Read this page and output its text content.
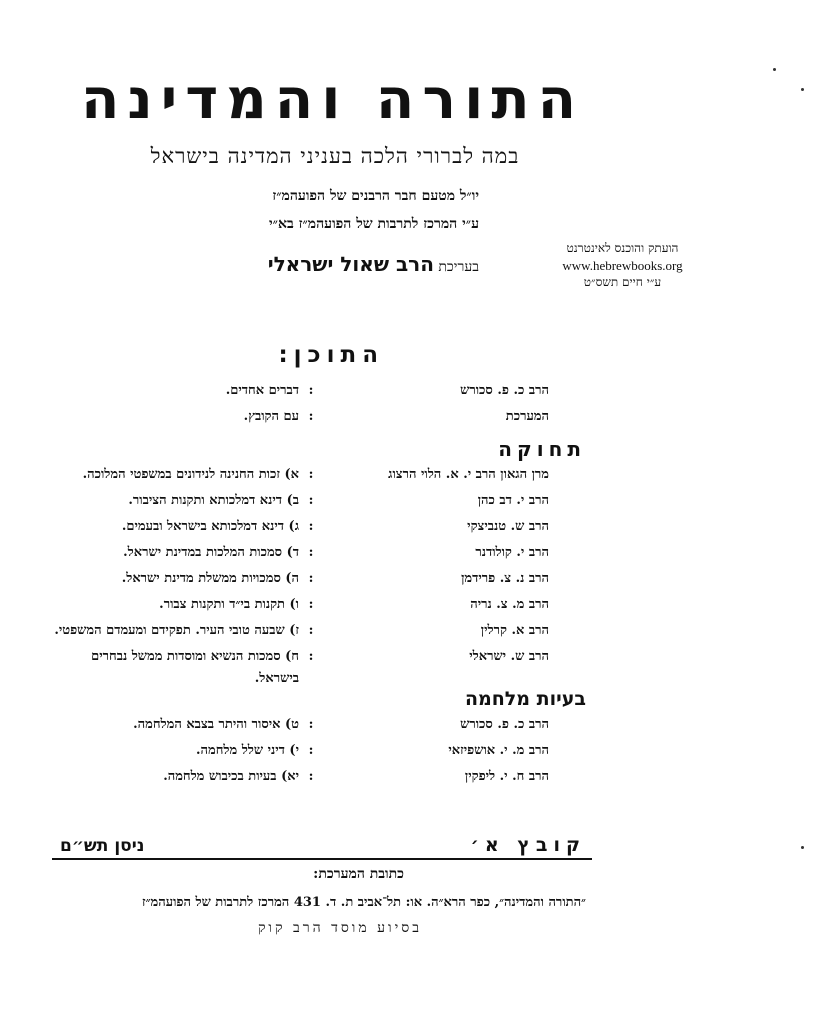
התורה והמדינה
במה לברורי הלכה בעניני המדינה בישראל
יו״ל מטעם חבר הרבנים של הפועהמ״ז
ע״י המרכז לתרבות של הפועהמ״ז בא״י
בעריכת הרב שאול ישראלי
הועתק והוכנס לאינטרנט
www.hebrewbooks.org
ע״י חיים תשס״ט
התוכן:
הרב כ. פ. סכורש
:
דברים אחדים.
המערכת
:
עם הקובץ.
תחוקה
מרן הגאון הרב י. א. הלוי הרצוג
:
א) זכות החנינה לנידונים במשפטי המלוכה.
הרב י. דב כהן
:
ב) דינא דמלכותא ותקנות הציבור.
הרב ש. טנביצקי
:
ג) דינא דמלכותא בישראל ובעמים.
הרב י. קולודנר
:
ד) סמכות המלכות במדינת ישראל.
הרב נ. צ. פרידמן
:
ה) סמכויות ממשלת מדינת ישראל.
הרב מ. צ. נריה
:
ו) תקנות בי״ד ותקנות צבור.
הרב א. קרלין
:
ז) שבעה טובי העיר. תפקידם ומעמדם המשפטי.
הרב ש. ישראלי
:
ח) סמכות הנשיא ומוסדות ממשל נבחרים
בישראל.
בעיות מלחמה
הרב כ. פ. סכורש
:
ט) איסור והיתר בצבא המלחמה.
הרב מ. י. אושפיזאי
:
י) דיני שלל מלחמה.
הרב ח. י. ליפקין
:
יא) בעיות בכיבוש מלחמה.
קובץ א׳
ניסן תש״ם
כתובת המערכת:
״התורה והמדינה״, כפר הרא״ה. או: תל־אביב ת. ד. 431 המרכז לתרבות של הפועהמ״ז
בסיוע מוסד הרב קוק
